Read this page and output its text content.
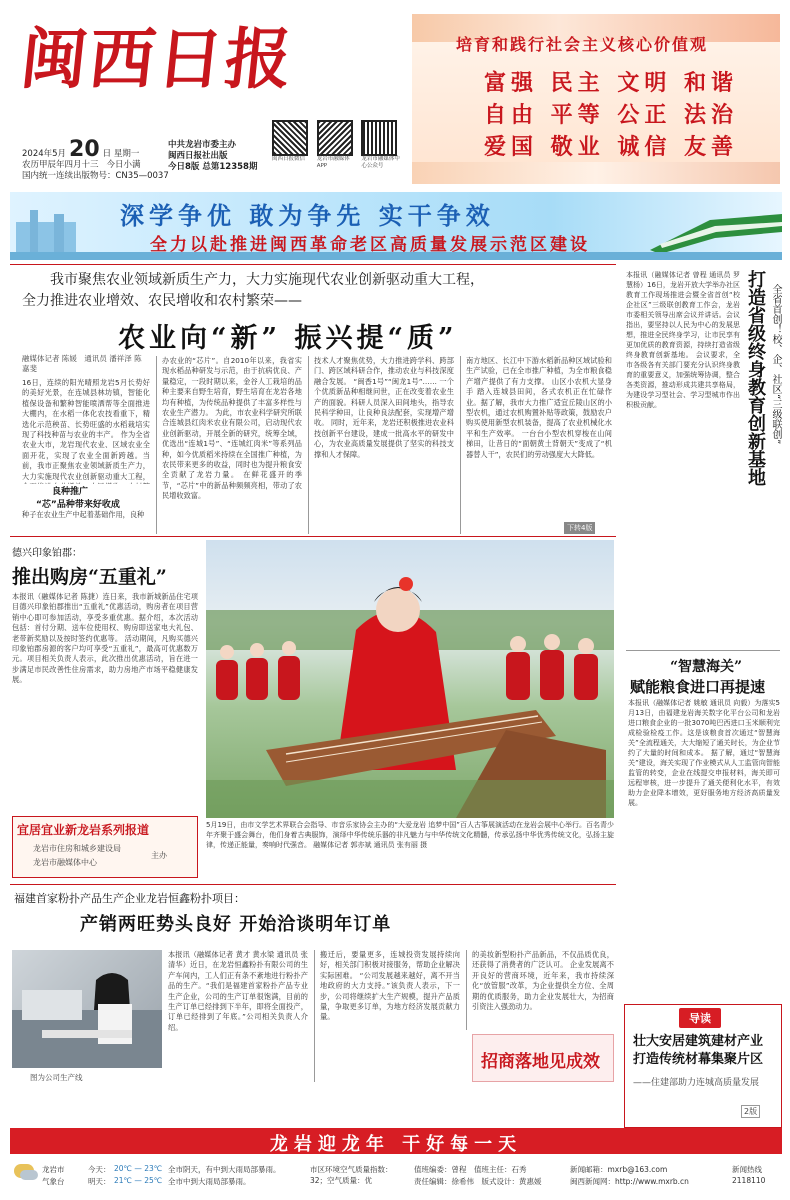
闽西日报
2024年5月 20 日 星期一
农历甲辰年四月十三 今日小满
国内统一连续出版物号：CN35—0037
中共龙岩市委主办
闽西日报社出版
今日8版 总第12358期
闽西日报微信	龙岩市融媒体APP
龙岩市融媒体中心公众号
培育和践行社会主义核心价值观
富强 民主 文明 和谐
自由 平等 公正 法治
爱国 敬业 诚信 友善
深学争优 敢为争先 实干争效
全力以赴推进闽西革命老区高质量发展示范区建设
我市聚焦农业领域新质生产力，大力实施现代农业创新驱动重大工程，
全力推进农业增效、农民增收和农村繁荣——
农业向“新” 振兴提“质”
融媒体记者 陈媛　通讯员 潘祥泽 陈嘉斐
16日，连续的阳光晴照龙岩5月长势好的美好光景，在连城县林坊镇，智能化植保设备和繁种智能喷洒帮等全面推进大棚内，在水稻一体化农技看重下，精选化示范秧苗、长势旺盛的水稻栽培实现了科技种苗与农业的丰产。 作为全省农业大市，龙岩现代农业、区域农业全面开花，实现了农业全面新跨越。当前，我市正聚焦农业领域新质生产力，大力实施现代农业创新驱动重大工程，
良种推广
“芯”品种带来好收成
种子在农业生产中起着基础作用，良种
办农业的“芯片”。自2010年以来，我省实现水稻品种研发与示范，由于抗病优良、产量稳定，一段时期以来，金谷人工栽培的品种主要来自野生培育，野生培育在龙岩各地均有种植，为传统品种提供了丰富多样性与农业生产潜力。 为此，市农业科学研究所联合连城县红肉米农业有限公司，启动现代农业创新驱动，开展全新的研究，统筹全域，优选出“连城1号”、“连城红肉米”等系列品种，如今优质稻米持续在全国推广种植，为农民带来更多的收益，同时也为提升粮食安全贡献了龙岩力量。 在鲜花盛开的季节，“芯片”中的新品种频频亮相，带动了农民增收致富。
技术人才聚焦优势，大力推进跨学科、跨部门、跨区域科研合作，推动农业与科技深度融合发展。 “闽香1号”“闽龙1号”…… 一个个优质新品种相继问世，正在改变着农业生产的面貌。科研人员深入田间地头，指导农民科学种田，让良种良法配套，实现增产增收。 同时，近年来，龙岩还积极推进农业科技创新平台建设，建成一批高水平的研发中心，为农业高质量发展提供了坚实的科技支撑和人才保障。
南方地区、长江中下游水稻新品种区域试验和生产试验，已在全市推广种植，为全市粮食稳产增产提供了有力支撑。 山区小农机大显身手 踏入连城县田间，各式农机正在忙碌作业。据了解，我市大力推广适宜丘陵山区的小型农机，通过农机购置补贴等政策，鼓励农户购买使用新型农机装备，提高了农业机械化水平和生产效率。 一台台小型农机穿梭在山间梯田，让昔日的“面朝黄土背朝天”变成了“机器替人干”，农民们的劳动强度大大降低。
下转4版
德兴印象铂郡：
推出购房“五重礼”
本报讯（融媒体记者 陈捷）连日来，我市新城新品住宅项目德兴印象铂郡推出“五重礼”优惠活动，购房者在项目营销中心即可参加活动，享受多重优惠。据介绍，本次活动包括：首付分期、送车位使用权、购房即送家电大礼包、老带新奖励以及按时签约优惠等。 活动期间，凡购买德兴印象铂郡房源的客户均可享受“五重礼”，最高可优惠数万元。项目相关负责人表示，此次推出优惠活动，旨在进一步满足市民改善性住房需求，助力房地产市场平稳健康发展。
宜居宜业新龙岩系列报道
龙岩市住房和城乡建设局
龙岩市融媒体中心
主办
5月19日，由市文学艺术界联合会指导、市音乐家协会主办的“大爱龙岩 追梦中国”百人古筝展演活动在龙岩会展中心举行。百名青少年齐聚于盛会舞台，他们身着古典服饰，演绎中华传统乐器的非凡魅力与中华传统文化精髓，传承弘扬中华优秀传统文化，弘扬主旋律，传递正能量，奏响时代强音。 融媒体记者 郭亦斌 通讯员 张有丽 摄
本报讯（融媒体记者 曾程 通讯员 罗慧杨）16日，龙岩开放大学举办社区教育工作现场推进会暨全省首创“校企社区”三级联创教育工作会，龙岩市委相关领导出席会议并讲话。会议指出，要坚持以人民为中心的发展思想，推进全民终身学习，让市民享有更加优质的教育资源，持续打造省级终身教育创新基地。 会议要求，全市各级各有关部门要充分认识终身教育的重要意义，加强统筹协调，整合各类资源，推动形成共建共享格局，为建设学习型社会、学习型城市作出积极贡献。	打造省级终身教育创新基地 全省首创！校、企、社区“三级联创”
“智慧海关”
赋能粮食进口再提速
本报讯（融媒体记者 姚敏 通讯员 向毅）为落实5月13日，由福建龙岩海关数字化平台公司和龙岩进口粮食企业的一批3070吨巴西进口玉米顺利完成检验检疫工作。这是该粮食首次通过“智慧海关”全流程通关，大大缩短了通关时长，为企业节约了大量的时间和成本。 据了解，通过“智慧海关”建设，海关实现了作业模式从人工监管向智能监管的转变，企业在线提交申报材料，海关即可远程审核，进一步提升了通关便利化水平，有效助力企业降本增效，更好服务地方经济高质量发展。
导读
壮大安居建筑建材产业 打造传统材幕集聚片区
——住建部助力连城高质量发展
2版
福建首家粉扑产品生产企业龙岩恒鑫粉扑项目：
产销两旺势头良好 开始洽谈明年订单
图为公司生产线
本报讯（融媒体记者 黄才 黄水梁 通讯员 张清华）近日，在龙岩恒鑫粉扑有限公司的生产车间内，工人们正有条不紊地进行粉扑产品的生产。“我们是福建首家粉扑产品专业生产企业，公司的生产订单很饱满，目前的生产订单已经排到下半年，即将全面投产，订单已经排到了年底。”公司相关负责人介绍。
搬迁后，要量更多，连城投资发展持续向好，相关部门积极对接服务，帮助企业解决实际困难。 “公司发展越来越好，离不开当地政府的大力支持。”该负责人表示，下一步，公司将继续扩大生产规模，提升产品质量，争取更多订单，为地方经济发展贡献力量。
的美妆新型粉扑产品新品，不仅品质优良，还获得了消费者的广泛认可。 企业发展离不开良好的营商环境，近年来，我市持续深化“放管服”改革，为企业提供全方位、全周期的优质服务，助力企业发展壮大，为招商引资注入强劲动力。
招商落地见成效
龙岩迎龙年 干好每一天
龙岩市
气象台
今天： 20℃ — 23℃ 全市阴天，有中到大雨局部暴雨。
明天： 21℃ — 25℃ 全市中到大雨局部暴雨。
市区环境空气质量指数：32；空气质量：优
值班编委：曾程　值班主任：石秀
责任编辑：徐希伟　版式设计：黄惠媛
新闻邮箱：mxrb@163.com
闽西新闻网：http://www.mxrb.cn
新闻热线
2118110
